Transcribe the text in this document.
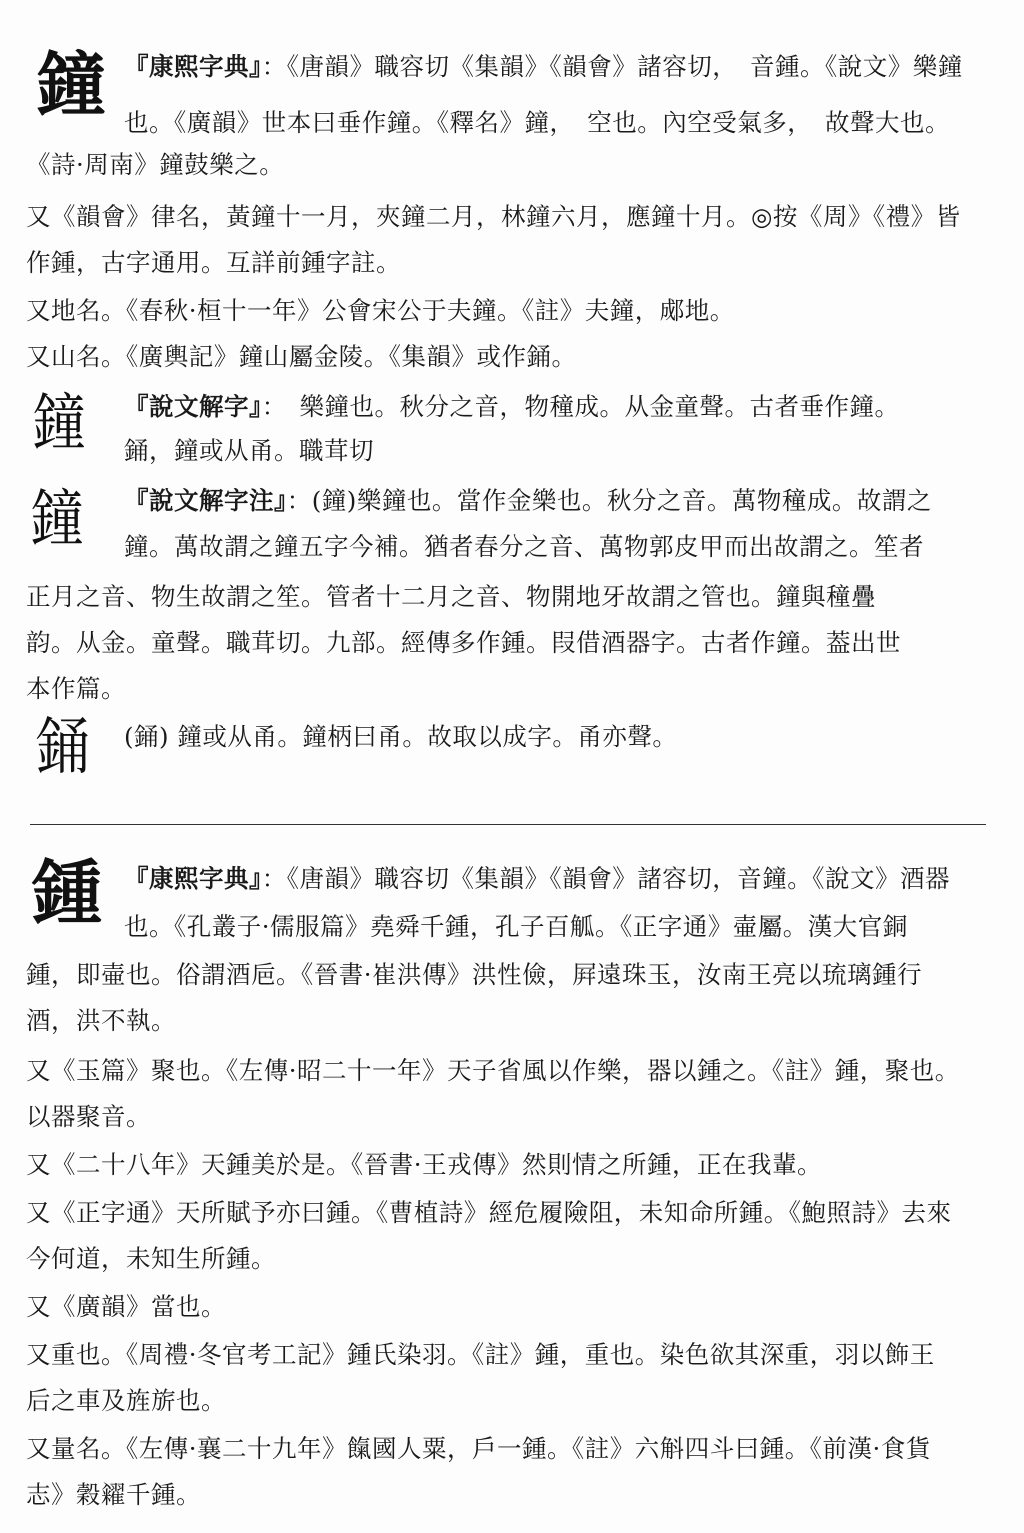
鐘 『康熙字典』：《唐韻》職容切《集韻》《韻會》諸容切，　音鍾。《說文》樂鐘
也。《廣韻》世本曰垂作鐘。《釋名》鐘，　空也。內空受氣多，　故聲大也。
《詩·周南》鐘鼓樂之。
又《韻會》律名，黃鐘十一月，夾鐘二月，林鐘六月，應鐘十月。◎按《周》《禮》皆
作鍾，古字通用。互詳前鍾字註。
又地名。《春秋·桓十一年》公會宋公于夫鐘。《註》夫鐘，郕地。
又山名。《廣輿記》鐘山屬金陵。《集韻》或作銿。
鐘 『說文解字』：　樂鐘也。秋分之音，物穜成。从金童聲。古者垂作鐘。
銿，鐘或从甬。職茸切
鐘 『說文解字注』：(鐘)樂鐘也。當作金樂也。秋分之音。萬物穜成。故謂之
鐘。萬故謂之鐘五字今補。猶者春分之音、萬物郭皮甲而出故謂之。笙者
正月之音、物生故謂之笙。管者十二月之音、物開地牙故謂之管也。鐘與穜疊
韵。从金。童聲。職茸切。九部。經傳多作鍾。叚借酒器字。古者作鐘。葢出世
本作篇。
銿 (銿) 鐘或从甬。鐘柄曰甬。故取以成字。甬亦聲。
鍾 『康熙字典』：《唐韻》職容切《集韻》《韻會》諸容切，音鐘。《說文》酒器
也。《孔叢子·儒服篇》堯舜千鍾，孔子百觚。《正字通》壷屬。漢大官銅
鍾，即壷也。俗謂酒巵。《晉書·崔洪傳》洪性儉，屛遠珠玉，汝南王亮以琉璃鍾行
酒，洪不執。
又《玉篇》聚也。《左傳·昭二十一年》天子省風以作樂，器以鍾之。《註》鍾，聚也。
以器聚音。
又《二十八年》天鍾美於是。《晉書·王戎傳》然則情之所鍾，正在我輩。
又《正字通》天所賦予亦曰鍾。《曹植詩》經危履險阻，未知命所鍾。《鮑照詩》去來
今何道，未知生所鍾。
又《廣韻》當也。
又重也。《周禮·冬官考工記》鍾氏染羽。《註》鍾，重也。染色欲其深重，羽以飾王
后之車及旌旂也。
又量名。《左傳·襄二十九年》餼國人粟，戶一鍾。《註》六斛四斗曰鍾。《前漢·食貨
志》穀糴千鍾。
